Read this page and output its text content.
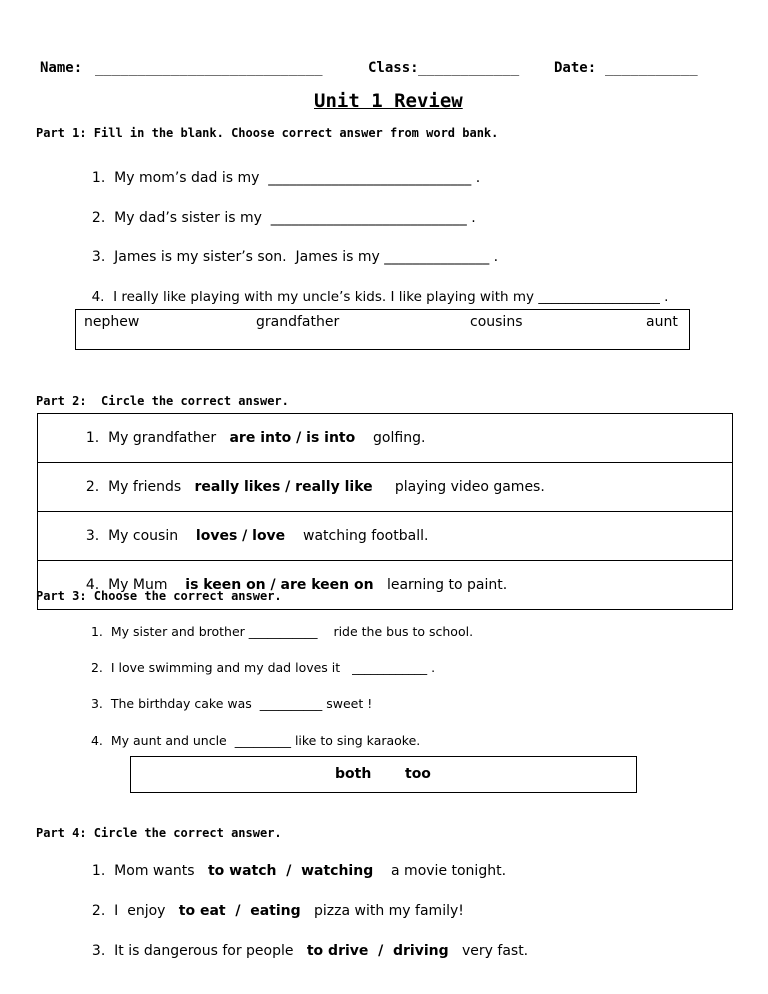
Name: ___________________________	Class: ____________ Date: ___________
Unit 1 Review
Part 1: Fill in the blank. Choose correct answer from word bank.

1. My mom’s dad is my _____________________________ .

2. My dad’s sister is my ____________________________ .

3. James is my sister’s son.  James is my _______________ .

4. I really like playing with my uncle’s kids. I like playing with my __________________ .

nephew	grandfather	cousins	aunt
Part 2:  Circle the correct answer.

1. My grandfather are into / is into golfing.

2. My friends really likes / really like playing video games.

3. My cousin loves / love watching football.

4. My Mum is keen on / are keen on learning to paint.

Part 3: Choose the correct answer.

1. My sister and brother ___________ ride the bus to school.

2. I love swimming and my dad loves it ____________ .

3. The birthday cake was __________ sweet !

4. My aunt and uncle _________ like to sing karaoke.

both too
Part 4: Circle the correct answer.

1. Mom wants to watch  /  watching a movie tonight.

2. I  enjoy to eat  /  eating pizza with my family!

3. It is dangerous for people to drive  /  driving very fast.
